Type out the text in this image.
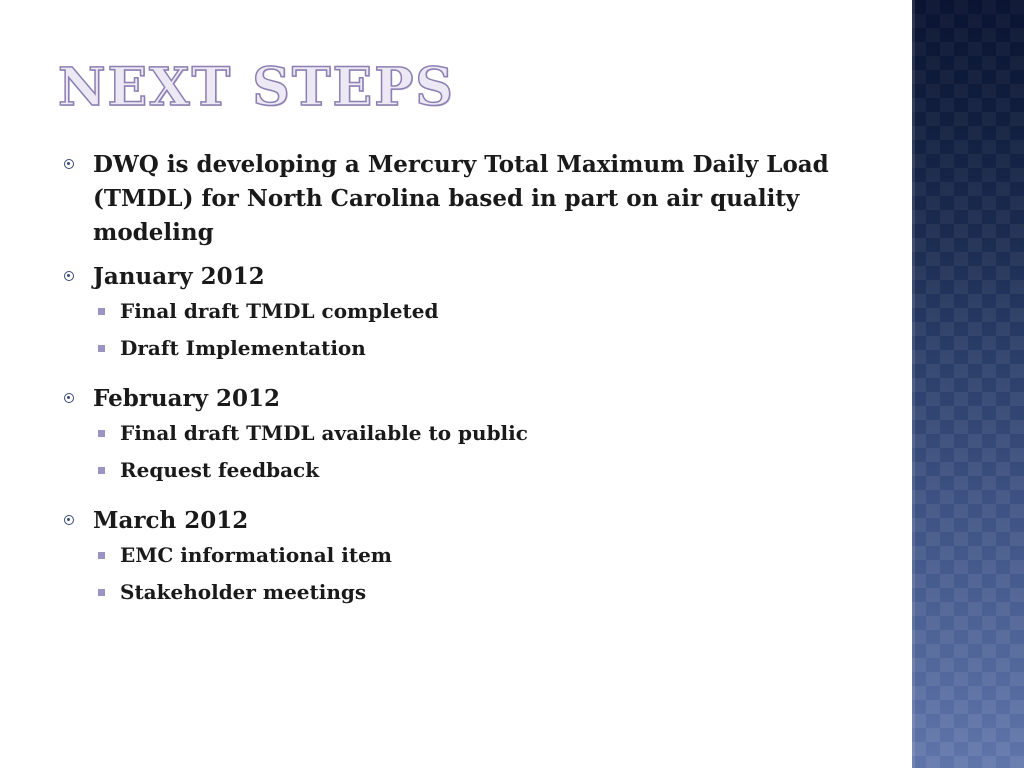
NEXT STEPS
DWQ is developing a Mercury Total Maximum Daily Load (TMDL) for North Carolina based in part on air quality modeling
January 2012
Final draft TMDL completed
Draft Implementation
February 2012
Final draft TMDL available to public
Request feedback
March 2012
EMC informational item
Stakeholder meetings
